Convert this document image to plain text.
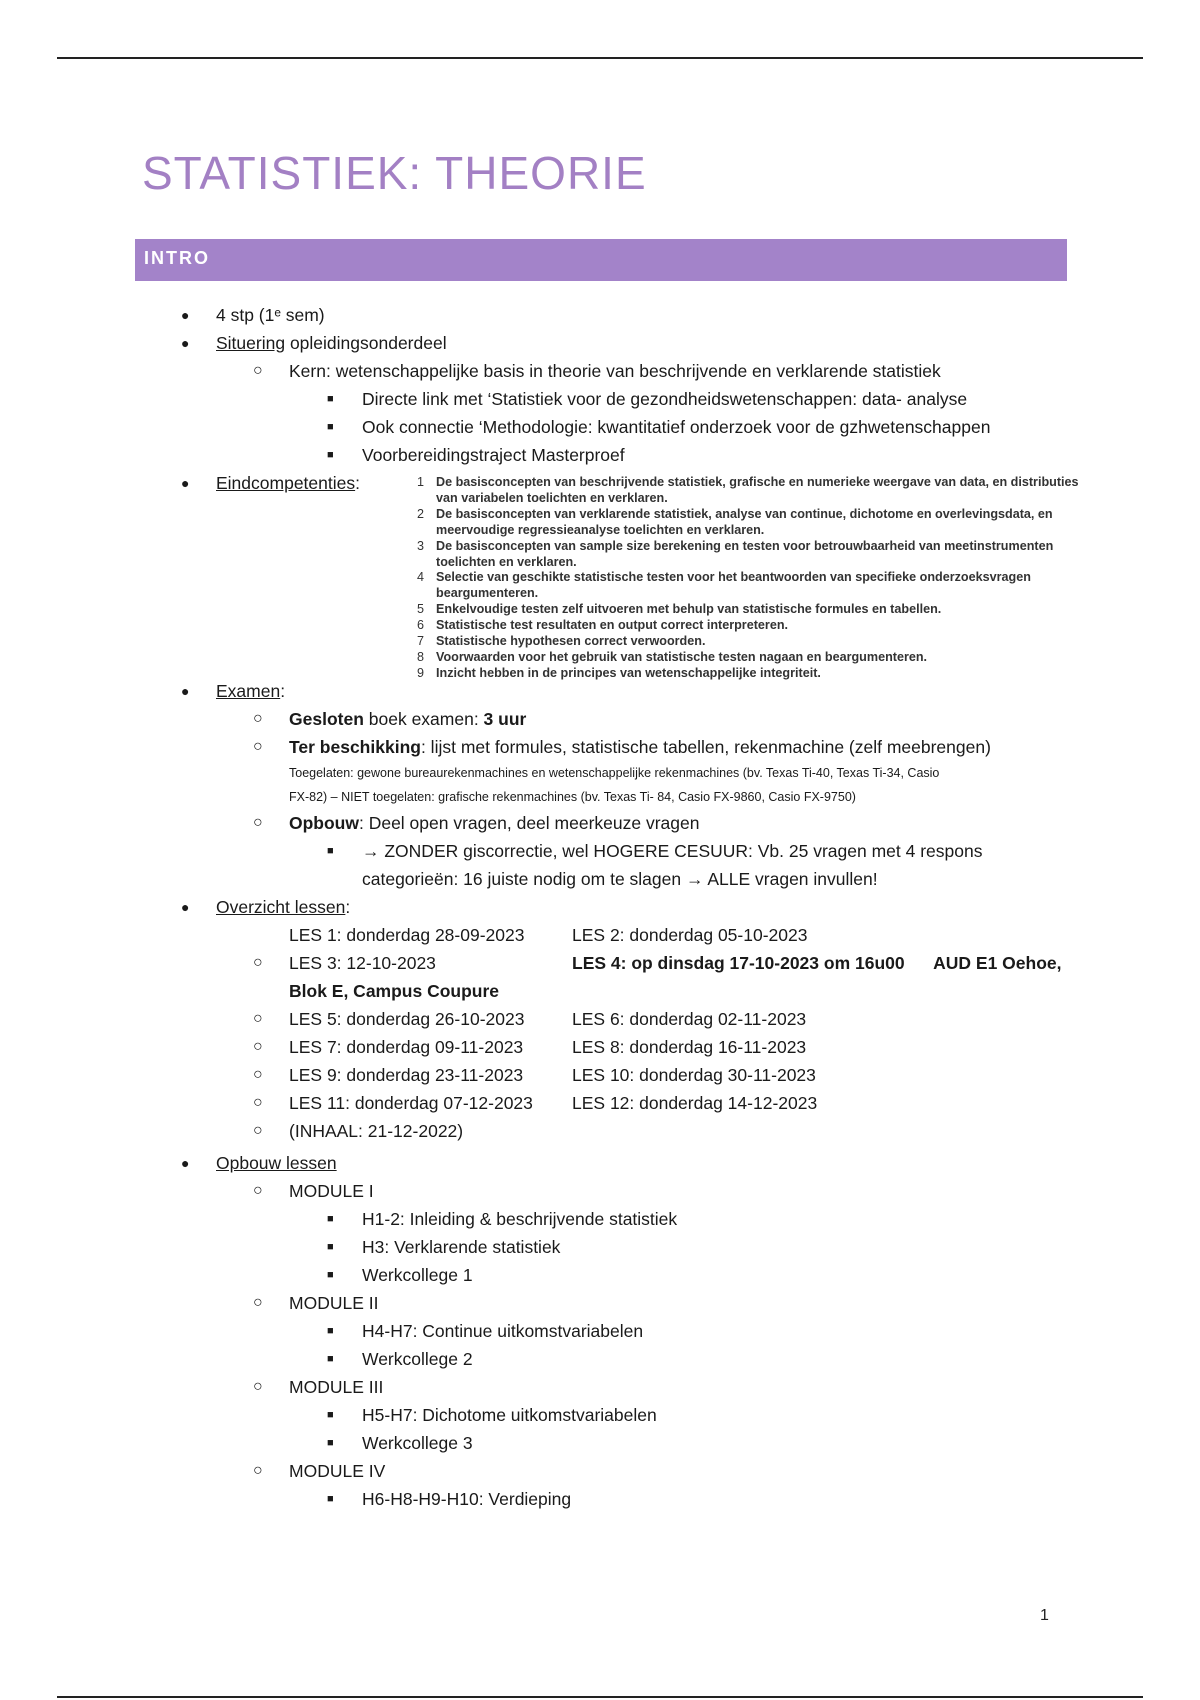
STATISTIEK: THEORIE
INTRO
● 4 stp (1ᵉ sem)
● Situering opleidingsonderdeel
○ Kern: wetenschappelijke basis in theorie van beschrijvende en verklarende statistiek
■ Directe link met ‘Statistiek voor de gezondheidswetenschappen: data- analyse
■ Ook connectie ‘Methodologie: kwantitatief onderzoek voor de gzhwetenschappen
■ Voorbereidingstraject Masterproef
● Eindcompetenties:	1 De basisconcepten van beschrijvende statistiek, grafische en numerieke weergave van data, en distributies van variabelen toelichten en verklaren.
2 De basisconcepten van verklarende statistiek, analyse van continue, dichotome en overlevingsdata, en meervoudige regressieanalyse toelichten en verklaren.
3 De basisconcepten van sample size berekening en testen voor betrouwbaarheid van meetinstrumenten toelichten en verklaren.
4 Selectie van geschikte statistische testen voor het beantwoorden van specifieke onderzoeksvragen beargumenteren.
5 Enkelvoudige testen zelf uitvoeren met behulp van statistische formules en tabellen.
6 Statistische test resultaten en output correct interpreteren.
7 Statistische hypothesen correct verwoorden.
8 Voorwaarden voor het gebruik van statistische testen nagaan en beargumenteren.
9 Inzicht hebben in de principes van wetenschappelijke integriteit.
● Examen:
○ Gesloten boek examen: 3 uur
○ Ter beschikking: lijst met formules, statistische tabellen, rekenmachine (zelf meebrengen)
Toegelaten: gewone bureaurekenmachines en wetenschappelijke rekenmachines (bv. Texas Ti-40, Texas Ti-34, Casio
FX-82) – NIET toegelaten: grafische rekenmachines (bv. Texas Ti- 84, Casio FX-9860, Casio FX-9750)
○ Opbouw: Deel open vragen, deel meerkeuze vragen
■ → ZONDER giscorrectie, wel HOGERE CESUUR: Vb. 25 vragen met 4 respons
categorieën: 16 juiste nodig om te slagen → ALLE vragen invullen!
● Overzicht lessen:
LES 1: donderdag 28-09-2023	LES 2: donderdag 05-10-2023
○ LES 3: 12-10-2023	LES 4: op dinsdag 17-10-2023 om 16u00      AUD E1 Oehoe,
Blok E, Campus Coupure
○ LES 5: donderdag 26-10-2023	LES 6: donderdag 02-11-2023
○ LES 7: donderdag 09-11-2023	LES 8: donderdag 16-11-2023
○ LES 9: donderdag 23-11-2023	LES 10: donderdag 30-11-2023
○ LES 11: donderdag 07-12-2023	LES 12: donderdag 14-12-2023
○ (INHAAL: 21-12-2022)
● Opbouw lessen
○ MODULE I
■ H1-2: Inleiding & beschrijvende statistiek
■ H3: Verklarende statistiek
■ Werkcollege 1
○ MODULE II
■ H4-H7: Continue uitkomstvariabelen
■ Werkcollege 2
○ MODULE III
■ H5-H7: Dichotome uitkomstvariabelen
■ Werkcollege 3
○ MODULE IV
■ H6-H8-H9-H10: Verdieping
1
